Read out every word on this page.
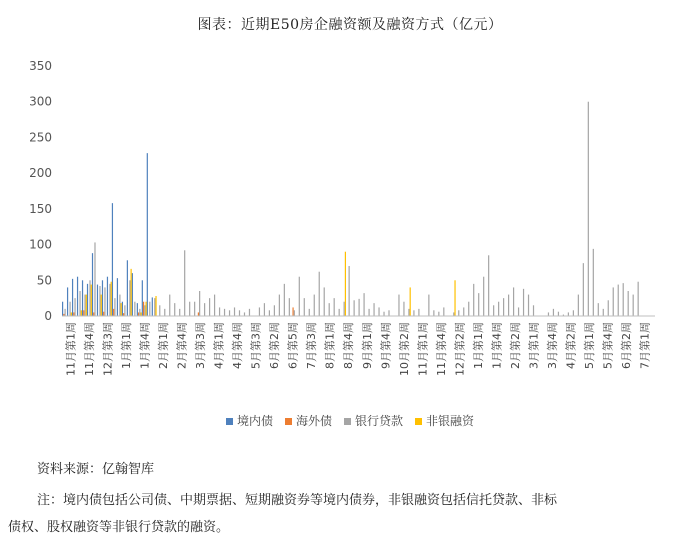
图表：近期E50房企融资额及融资方式（亿元）
0
50
100
150
200
250
300
350
11月第1周 11月第4周 12月第3周 1月第1周 1月第4周 2月第1周 2月第4周 3月第3周 4月第1周 4月第4周 5月第3周 6月第2周 6月第5周 7月第3周 8月第1周 8月第4周 9月第1周 9月第4周 10月第2周 11月第1周 11月第4周 12月第2周 1月第1周 1月第4周 2月第2周 3月第1周 3月第4周 4月第2周 5月第1周 5月第4周 6月第2周 7月第1周
境内债 海外债 银行贷款 非银融资
资料来源：亿翰智库
注：境内债包括公司债、中期票据、短期融资券等境内债券，非银融资包括信托贷款、非标
债权、股权融资等非银行贷款的融资。
